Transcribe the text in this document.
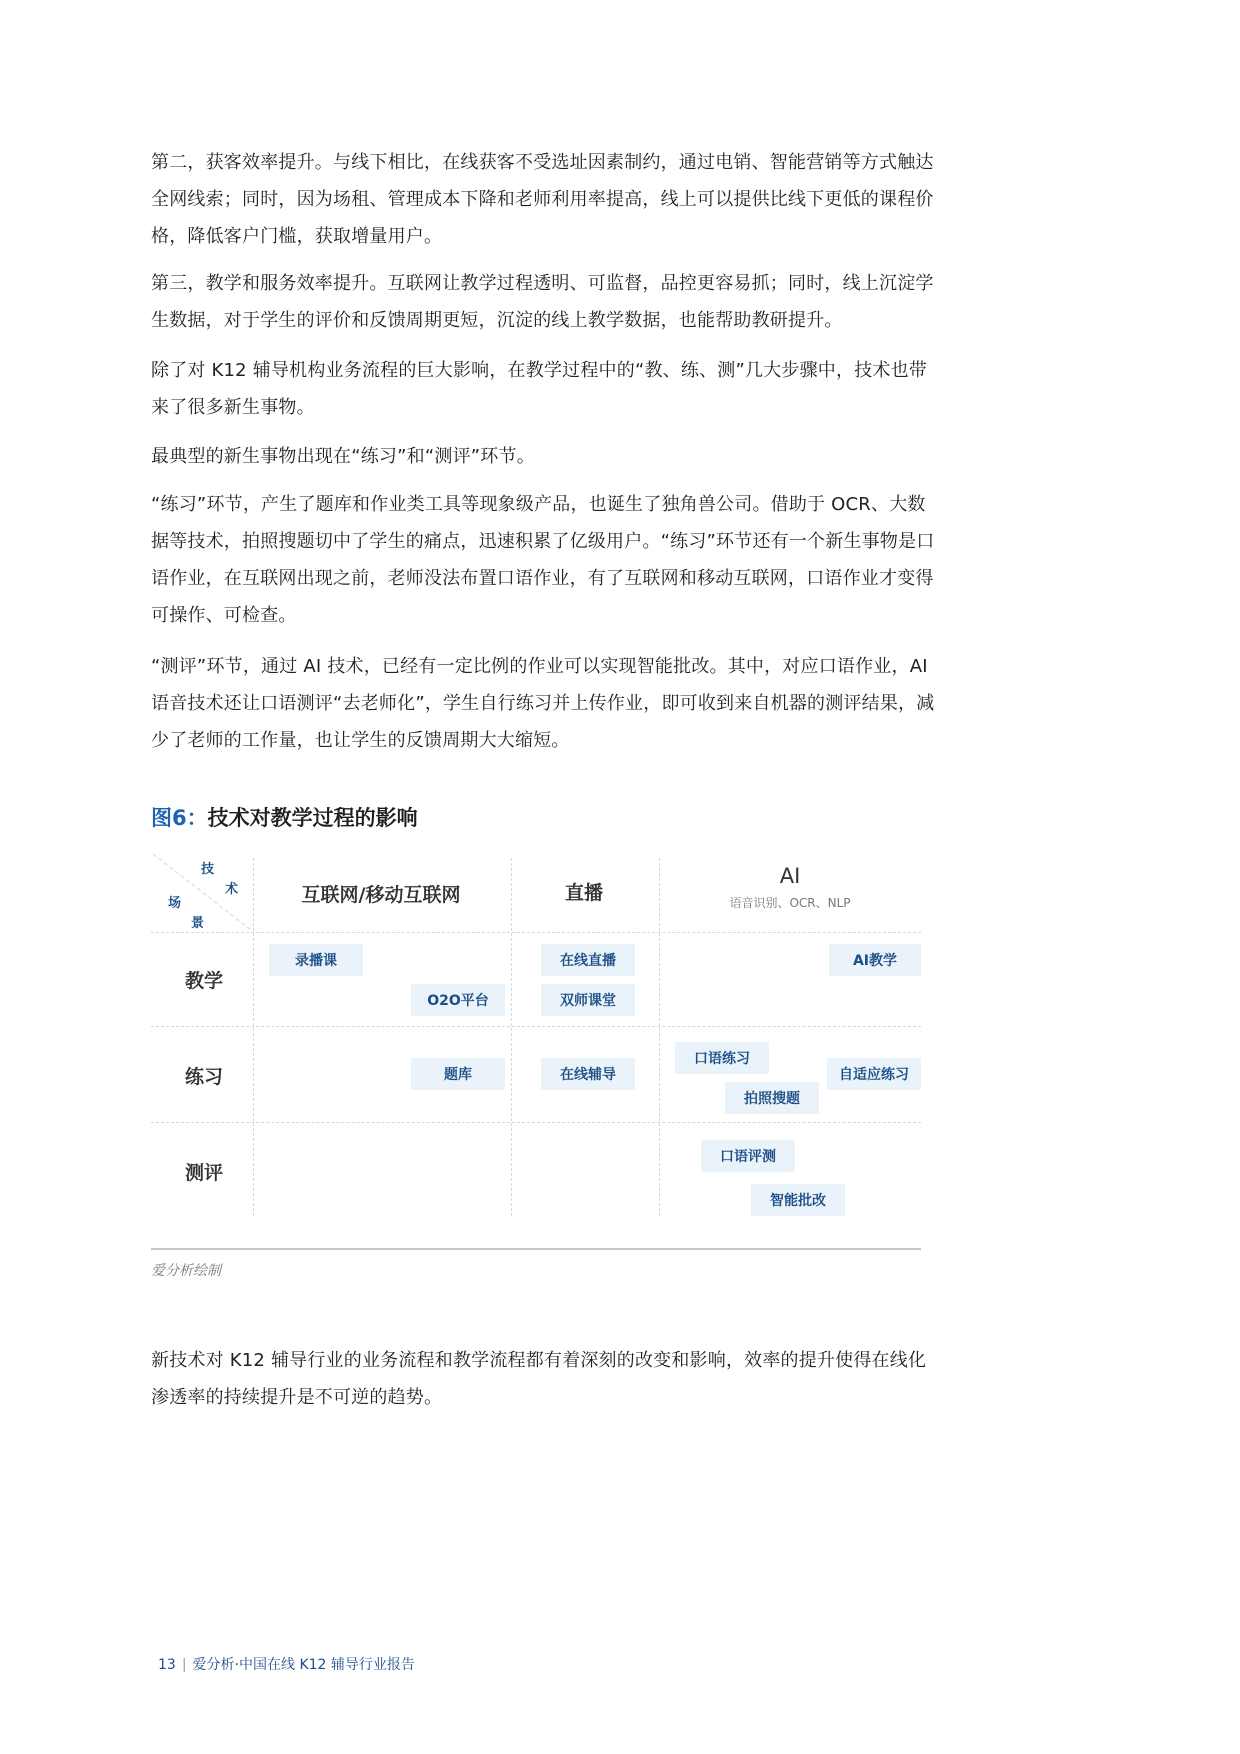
第二，获客效率提升。与线下相比，在线获客不受选址因素制约，通过电销、智能营销等方式触达全网线索；同时，因为场租、管理成本下降和老师利用率提高，线上可以提供比线下更低的课程价格，降低客户门槛，获取增量用户。

第三，教学和服务效率提升。互联网让教学过程透明、可监督，品控更容易抓；同时，线上沉淀学生数据，对于学生的评价和反馈周期更短，沉淀的线上教学数据，也能帮助教研提升。

除了对 K12 辅导机构业务流程的巨大影响，在教学过程中的“教、练、测”几大步骤中，技术也带来了很多新生事物。

最典型的新生事物出现在“练习”和“测评”环节。

“练习”环节，产生了题库和作业类工具等现象级产品，也诞生了独角兽公司。借助于 OCR、大数据等技术，拍照搜题切中了学生的痛点，迅速积累了亿级用户。“练习”环节还有一个新生事物是口语作业，在互联网出现之前，老师没法布置口语作业，有了互联网和移动互联网，口语作业才变得可操作、可检查。

“测评”环节，通过 AI 技术，已经有一定比例的作业可以实现智能批改。其中，对应口语作业，AI 语音技术还让口语测评“去老师化”，学生自行练习并上传作业，即可收到来自机器的测评结果，减少了老师的工作量，也让学生的反馈周期大大缩短。

图6：技术对教学过程的影响
技
术
场
景
互联网/移动互联网	直播
AI
语音识别、OCR、NLP
教学
练习
测评
录播课
O2O平台
在线直播
双师课堂
AI教学
题库	在线辅导
口语练习
自适应练习
拍照搜题
口语评测
智能批改
爱分析绘制

新技术对 K12 辅导行业的业务流程和教学流程都有着深刻的改变和影响，效率的提升使得在线化渗透率的持续提升是不可逆的趋势。

13 | 爱分析·中国在线 K12 辅导行业报告
